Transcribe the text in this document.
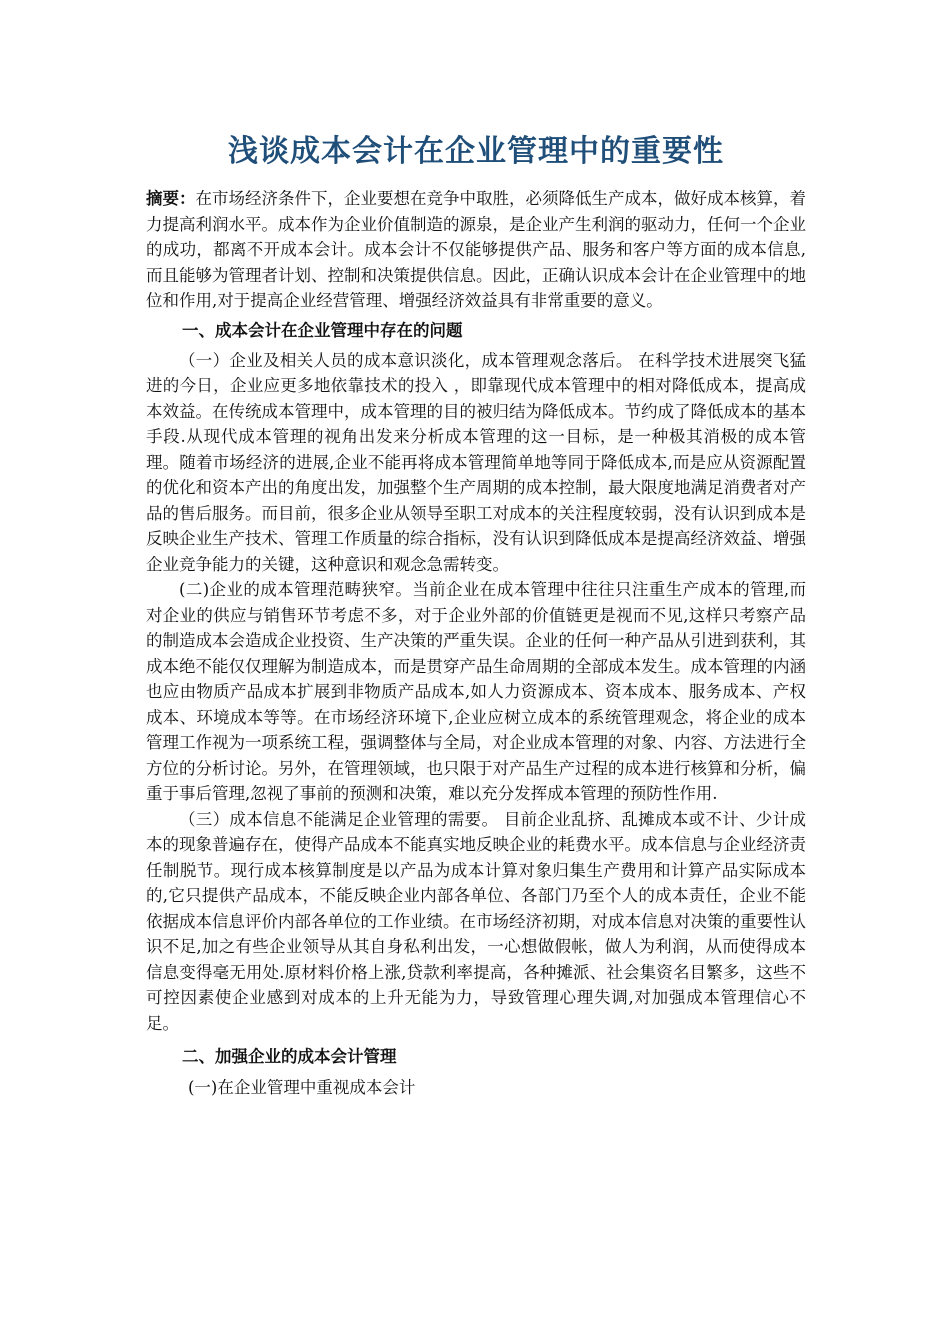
浅谈成本会计在企业管理中的重要性

摘要：在市场经济条件下，企业要想在竞争中取胜，必须降低生产成本，做好成本核算，着力提高利润水平。成本作为企业价值制造的源泉，是企业产生利润的驱动力，任何一个企业的成功，都离不开成本会计。成本会计不仅能够提供产品、服务和客户等方面的成本信息,而且能够为管理者计划、控制和决策提供信息。因此，正确认识成本会计在企业管理中的地位和作用,对于提高企业经营管理、增强经济效益具有非常重要的意义。

一、成本会计在企业管理中存在的问题

（一）企业及相关人员的成本意识淡化，成本管理观念落后。 在科学技术进展突飞猛进的今日，企业应更多地依靠技术的投入 ，即靠现代成本管理中的相对降低成本，提高成本效益。在传统成本管理中，成本管理的目的被归结为降低成本。节约成了降低成本的基本手段.从现代成本管理的视角出发来分析成本管理的这一目标，是一种极其消极的成本管理。随着市场经济的进展,企业不能再将成本管理简单地等同于降低成本,而是应从资源配置的优化和资本产出的角度出发，加强整个生产周期的成本控制，最大限度地满足消费者对产品的售后服务。而目前，很多企业从领导至职工对成本的关注程度较弱，没有认识到成本是反映企业生产技术、管理工作质量的综合指标，没有认识到降低成本是提高经济效益、增强企业竞争能力的关键，这种意识和观念急需转变。

(二)企业的成本管理范畴狭窄。当前企业在成本管理中往往只注重生产成本的管理,而对企业的供应与销售环节考虑不多，对于企业外部的价值链更是视而不见,这样只考察产品的制造成本会造成企业投资、生产决策的严重失误。企业的任何一种产品从引进到获利，其成本绝不能仅仅理解为制造成本，而是贯穿产品生命周期的全部成本发生。成本管理的内涵也应由物质产品成本扩展到非物质产品成本,如人力资源成本、资本成本、服务成本、产权成本、环境成本等等。在市场经济环境下,企业应树立成本的系统管理观念，将企业的成本管理工作视为一项系统工程，强调整体与全局，对企业成本管理的对象、内容、方法进行全方位的分析讨论。另外，在管理领域，也只限于对产品生产过程的成本进行核算和分析，偏重于事后管理,忽视了事前的预测和决策，难以充分发挥成本管理的预防性作用.

（三）成本信息不能满足企业管理的需要。 目前企业乱挤、乱摊成本或不计、少计成本的现象普遍存在，使得产品成本不能真实地反映企业的耗费水平。成本信息与企业经济责任制脱节。现行成本核算制度是以产品为成本计算对象归集生产费用和计算产品实际成本的,它只提供产品成本，不能反映企业内部各单位、各部门乃至个人的成本责任，企业不能依据成本信息评价内部各单位的工作业绩。在市场经济初期，对成本信息对决策的重要性认识不足,加之有些企业领导从其自身私利出发，一心想做假帐，做人为利润，从而使得成本信息变得毫无用处.原材料价格上涨,贷款利率提高，各种摊派、社会集资名目繁多，这些不可控因素使企业感到对成本的上升无能为力，导致管理心理失调,对加强成本管理信心不足。

二、加强企业的成本会计管理

(一)在企业管理中重视成本会计
